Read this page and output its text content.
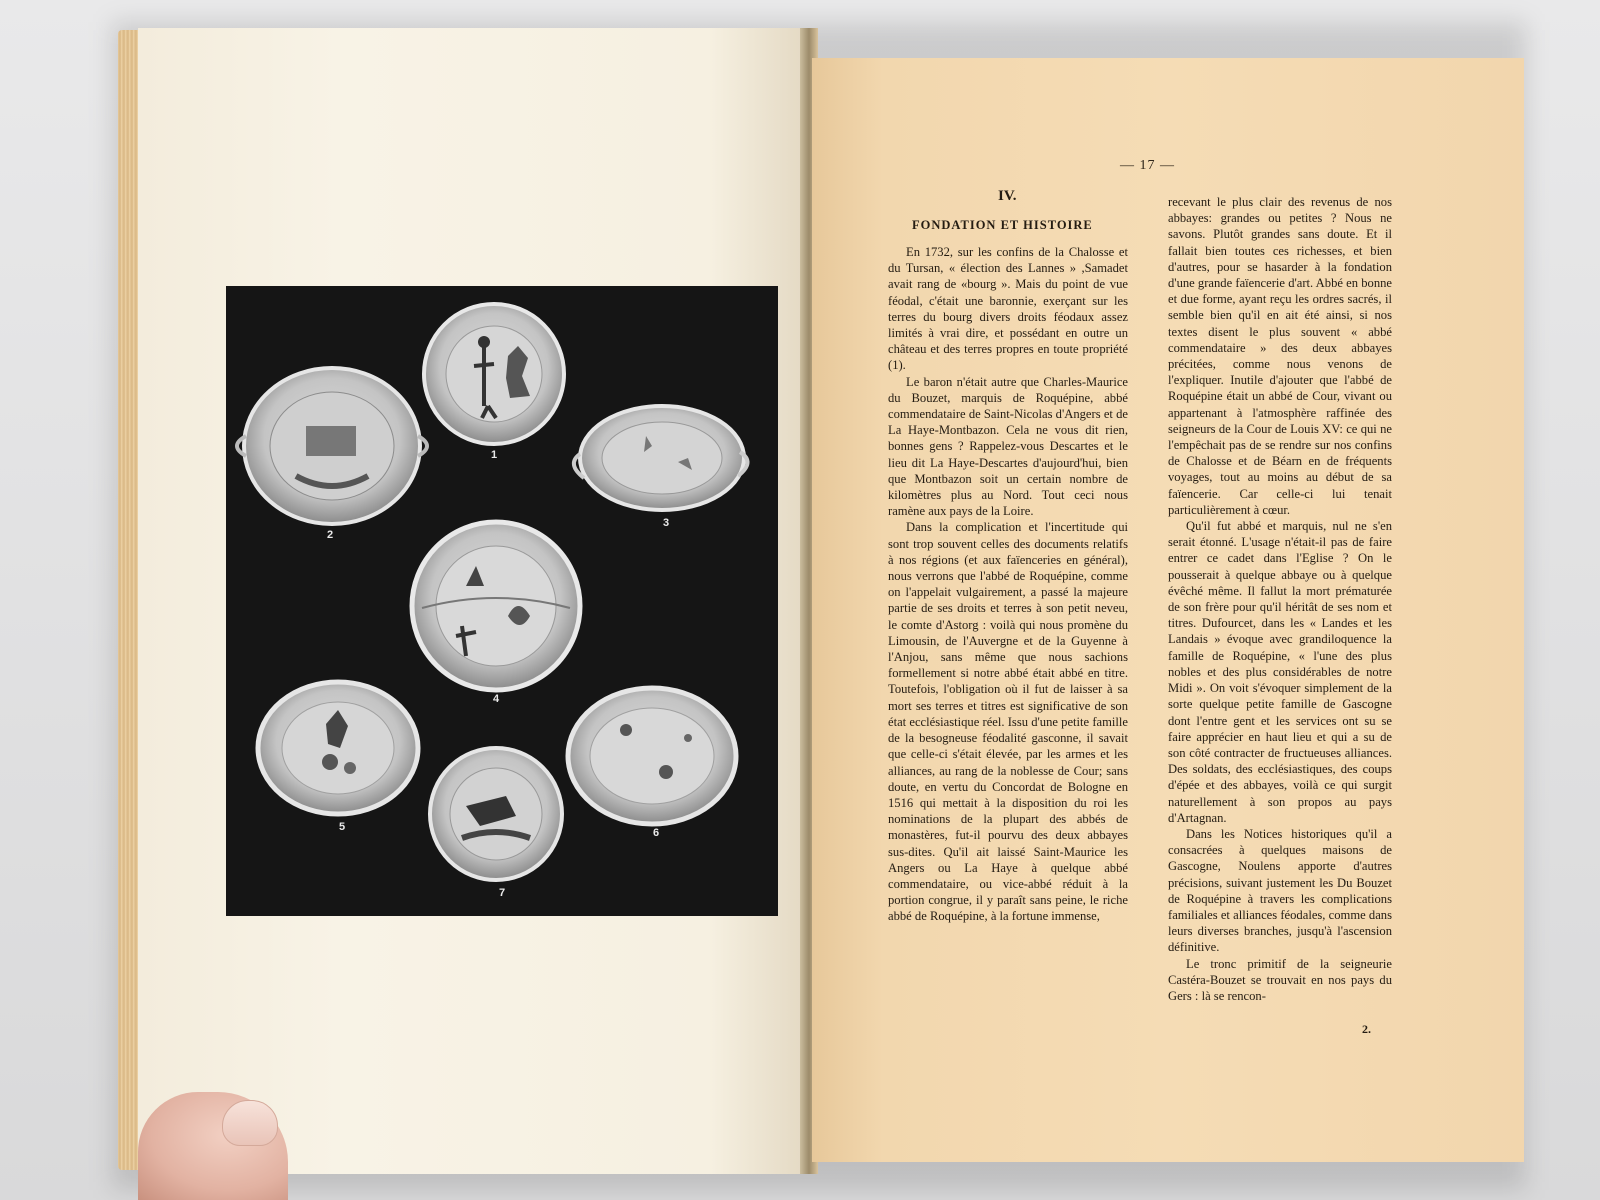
1
2
3
4
5	6
7
— 17 —
IV.
FONDATION ET HISTOIRE

En 1732, sur les confins de la Chalosse et du Tursan, « élection des Lannes » ,Samadet avait rang de «bourg ». Mais du point de vue féodal, c'était une baronnie, exerçant sur les terres du bourg divers droits féodaux assez limités à vrai dire, et possédant en outre un château et des terres propres en toute propriété (1).

Le baron n'était autre que Charles-Maurice du Bouzet, marquis de Roquépine, abbé commendataire de Saint-Nicolas d'Angers et de La Haye-Montbazon. Cela ne vous dit rien, bonnes gens ? Rappelez-vous Descartes et le lieu dit La Haye-Descartes d'aujourd'hui, bien que Montbazon soit un certain nombre de kilomètres plus au Nord. Tout ceci nous ramène aux pays de la Loire.

Dans la complication et l'incertitude qui sont trop souvent celles des documents relatifs à nos régions (et aux faïenceries en général), nous verrons que l'abbé de Roquépine, comme on l'appelait vulgairement, a passé la majeure partie de ses droits et terres à son petit neveu, le comte d'Astorg : voilà qui nous promène du Limousin, de l'Auvergne et de la Guyenne à l'Anjou, sans même que nous sachions formellement si notre abbé était abbé en titre. Toutefois, l'obligation où il fut de laisser à sa mort ses terres et titres est significative de son état ecclésiastique réel. Issu d'une petite famille de la besogneuse féodalité gasconne, il savait que celle-ci s'était élevée, par les armes et les alliances, au rang de la noblesse de Cour; sans doute, en vertu du Concordat de Bologne en 1516 qui mettait à la disposition du roi les nominations de la plupart des abbés de monastères, fut-il pourvu des deux abbayes sus-dites. Qu'il ait laissé Saint-Maurice les Angers ou La Haye à quelque abbé commendataire, ou vice-abbé réduit à la portion congrue, il y paraît sans peine, le riche abbé de Roquépine, à la fortune immense,

recevant le plus clair des revenus de nos abbayes: grandes ou petites ? Nous ne savons. Plutôt grandes sans doute. Et il fallait bien toutes ces richesses, et bien d'autres, pour se hasarder à la fondation d'une grande faïencerie d'art. Abbé en bonne et due forme, ayant reçu les ordres sacrés, il semble bien qu'il en ait été ainsi, si nos textes disent le plus souvent « abbé commendataire » des deux abbayes précitées, comme nous venons de l'expliquer. Inutile d'ajouter que l'abbé de Roquépine était un abbé de Cour, vivant ou appartenant à l'atmosphère raffinée des seigneurs de la Cour de Louis XV: ce qui ne l'empêchait pas de se rendre sur nos confins de Chalosse et de Béarn en de fréquents voyages, tout au moins au début de sa faïencerie. Car celle-ci lui tenait particulièrement à cœur.

Qu'il fut abbé et marquis, nul ne s'en serait étonné. L'usage n'était-il pas de faire entrer ce cadet dans l'Eglise ? On le pousserait à quelque abbaye ou à quelque évêché même. Il fallut la mort prématurée de son frère pour qu'il héritât de ses nom et titres. Dufourcet, dans les « Landes et les Landais » évoque avec grandiloquence la famille de Roquépine, « l'une des plus nobles et des plus considérables de notre Midi ». On voit s'évoquer simplement de la sorte quelque petite famille de Gascogne dont l'entre gent et les services ont su se faire apprécier en haut lieu et qui a su de son côté contracter de fructueuses alliances. Des soldats, des ecclésiastiques, des coups d'épée et des abbayes, voilà ce qui surgit naturellement à son propos au pays d'Artagnan.

Dans les Notices historiques qu'il a consacrées à quelques maisons de Gascogne, Noulens apporte d'autres précisions, suivant justement les Du Bouzet de Roquépine à travers les complications familiales et alliances féodales, comme dans leurs diverses branches, jusqu'à l'ascension définitive.

Le tronc primitif de la seigneurie Castéra-Bouzet se trouvait en nos pays du Gers : là se rencon-

2.
